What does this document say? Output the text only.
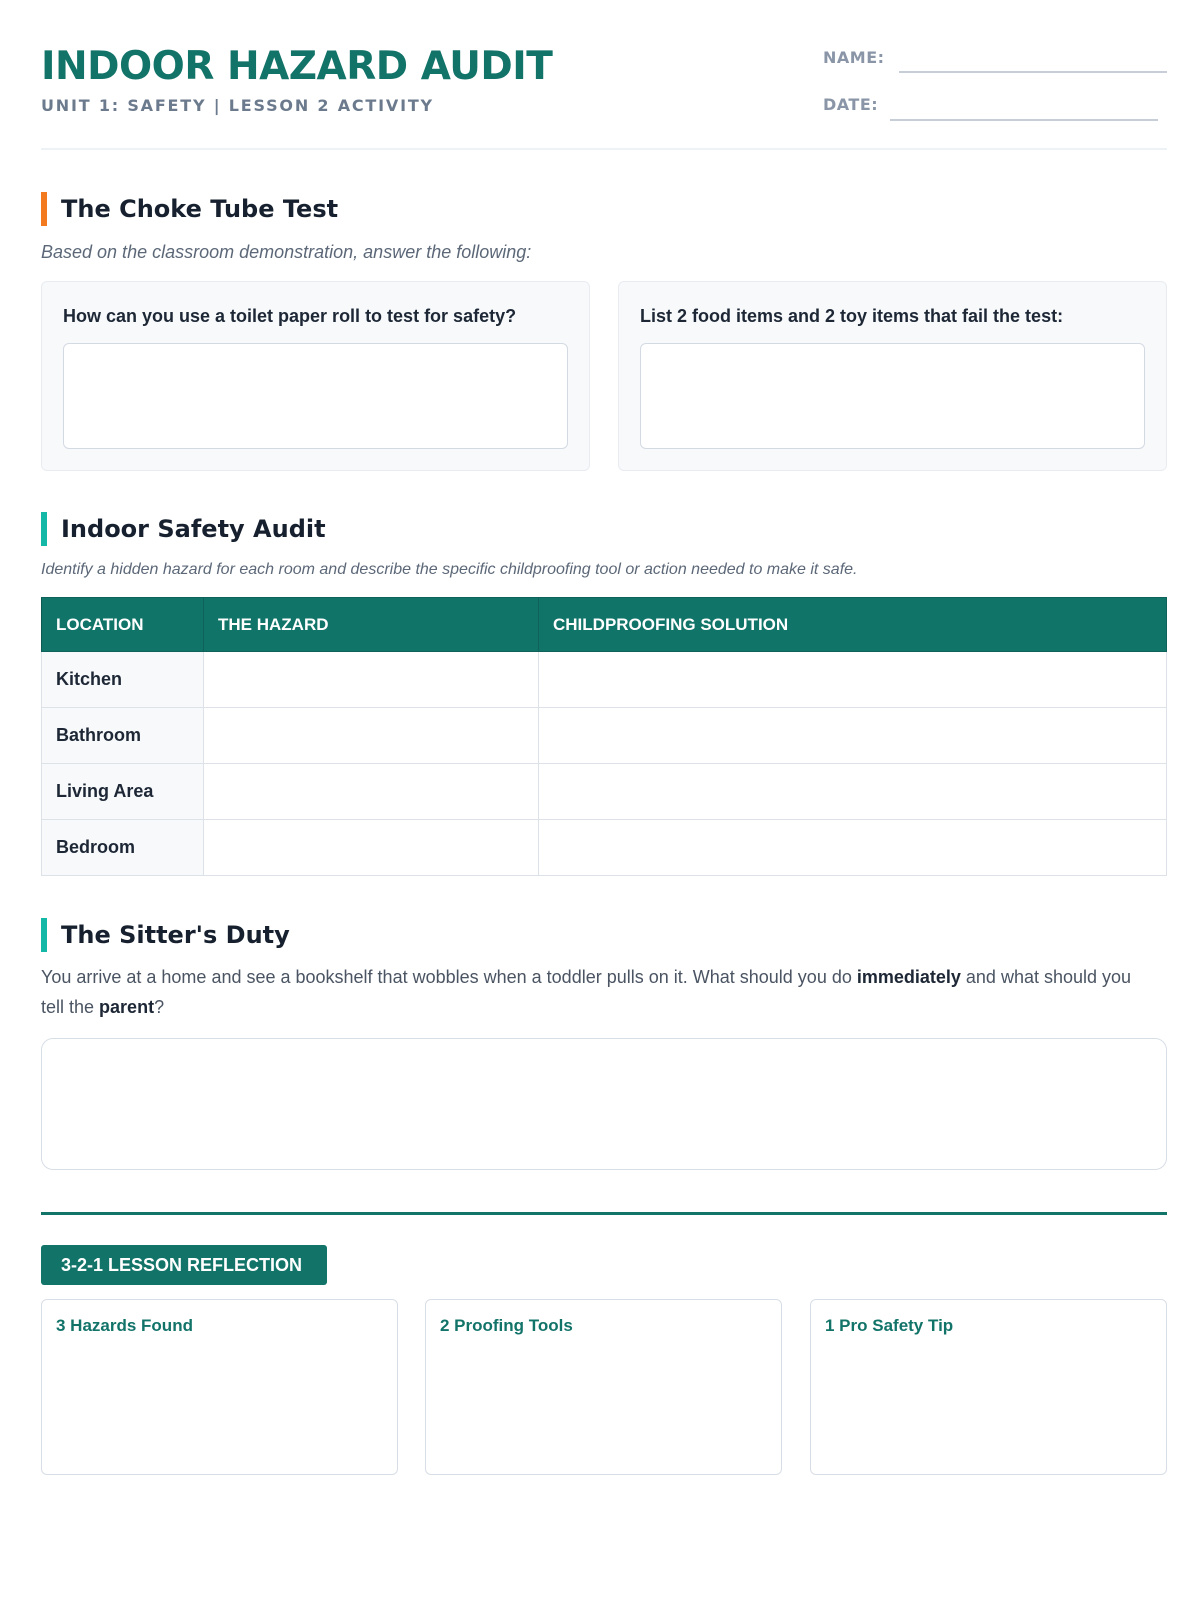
INDOOR HAZARD AUDIT
UNIT 1: SAFETY | LESSON 2 ACTIVITY
NAME:
DATE:
The Choke Tube Test
Based on the classroom demonstration, answer the following:
How can you use a toilet paper roll to test for safety?	List 2 food items and 2 toy items that fail the test:
Indoor Safety Audit
Identify a hidden hazard for each room and describe the specific childproofing tool or action needed to make it safe.
LOCATION	THE HAZARD	CHILDPROOFING SOLUTION
Kitchen		
Bathroom		
Living Area		
Bedroom		
The Sitter's Duty
You arrive at a home and see a bookshelf that wobbles when a toddler pulls on it. What should you do immediately and what should you tell the parent?
3-2-1 LESSON REFLECTION
3 Hazards Found	2 Proofing Tools	1 Pro Safety Tip
